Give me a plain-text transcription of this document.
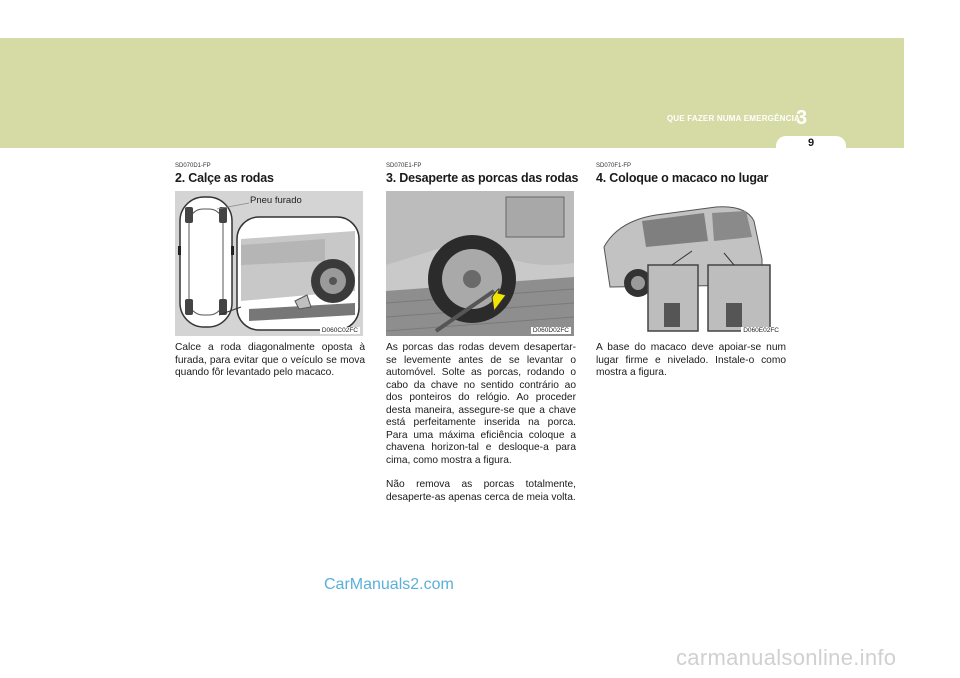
QUE FAZER NUMA EMERGÊNCIA
3
9
SD070D1-FP
2. Calçe as rodas
Pneu furado
D060C02FC

Calce a roda diagonalmente oposta à furada, para evitar que o veículo se mova quando fôr levantado pelo macaco.

SD070E1-FP
3. Desaperte as porcas das rodas
D060D02FC

As porcas das rodas devem desapertar-se levemente antes de se levantar o automóvel. Solte as porcas, rodando o cabo da chave no sentido contrário ao dos ponteiros do relógio. Ao proceder desta maneira, assegure-se que a chave está perfeitamente inserida na porca. Para uma máxima eficiência coloque a chavena horizon-tal e desloque-a para cima, como mostra a figura.

Não remova as porcas totalmente, desaperte-as apenas cerca de meia volta.

SD070F1-FP
4. Coloque o macaco no lugar
D060E02FC

A base do macaco deve apoiar-se num lugar firme e nivelado. Instale-o como mostra a figura.

CarManuals2.com
carmanualsonline.info
